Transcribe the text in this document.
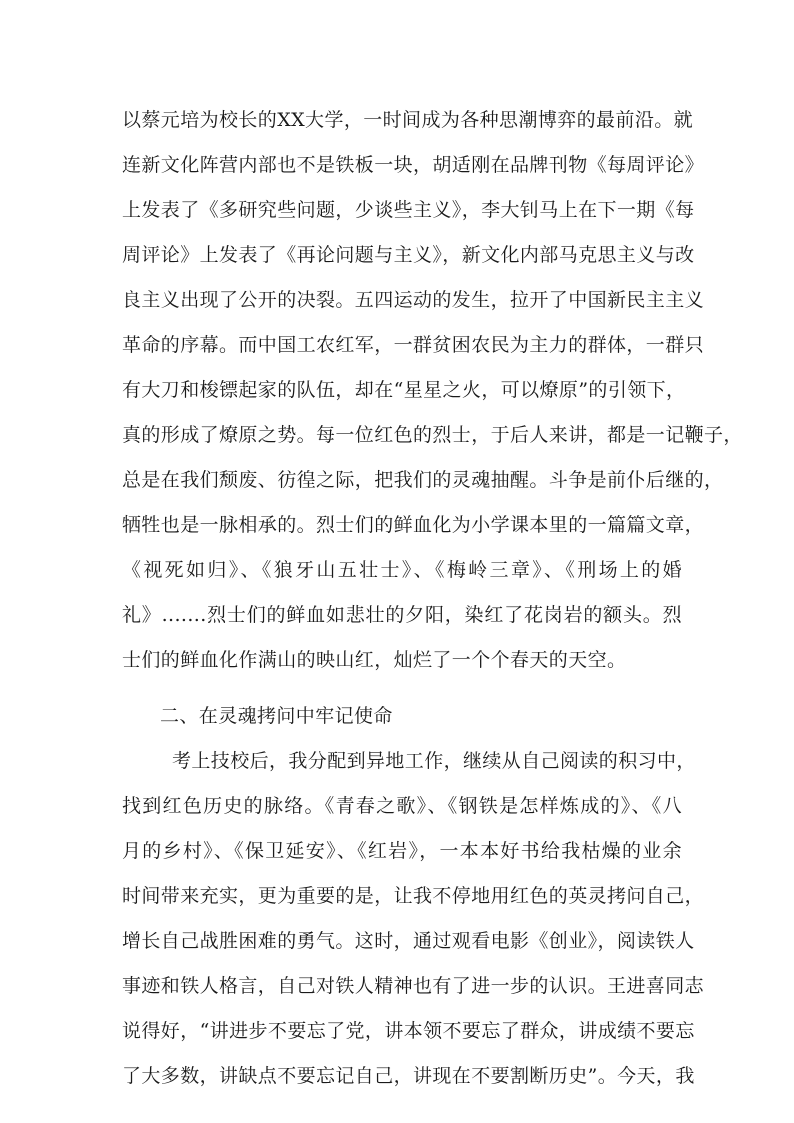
以蔡元培为校长的XX大学，一时间成为各种思潮博弈的最前沿。就
连新文化阵营内部也不是铁板一块，胡适刚在品牌刊物《每周评论》
上发表了《多研究些问题，少谈些主义》，李大钊马上在下一期《每
周评论》上发表了《再论问题与主义》，新文化内部马克思主义与改
良主义出现了公开的决裂。五四运动的发生，拉开了中国新民主主义
革命的序幕。而中国工农红军，一群贫困农民为主力的群体，一群只
有大刀和梭镖起家的队伍，却在“星星之火，可以燎原”的引领下，
真的形成了燎原之势。每一位红色的烈士，于后人来讲，都是一记鞭子，
总是在我们颓废、彷徨之际，把我们的灵魂抽醒。斗争是前仆后继的，
牺牲也是一脉相承的。烈士们的鲜血化为小学课本里的一篇篇文章，
《视死如归》、《狼牙山五壮士》、《梅岭三章》、《刑场上的婚
礼》.......烈士们的鲜血如悲壮的夕阳，染红了花岗岩的额头。烈
士们的鲜血化作满山的映山红，灿烂了一个个春天的天空。
二、在灵魂拷问中牢记使命
考上技校后，我分配到异地工作，继续从自己阅读的积习中，
找到红色历史的脉络。《青春之歌》、《钢铁是怎样炼成的》、《八
月的乡村》、《保卫延安》、《红岩》，一本本好书给我枯燥的业余
时间带来充实，更为重要的是，让我不停地用红色的英灵拷问自己，
增长自己战胜困难的勇气。这时，通过观看电影《创业》，阅读铁人
事迹和铁人格言，自己对铁人精神也有了进一步的认识。王进喜同志
说得好，“讲进步不要忘了党，讲本领不要忘了群众，讲成绩不要忘
了大多数，讲缺点不要忘记自己，讲现在不要割断历史”。今天，我
